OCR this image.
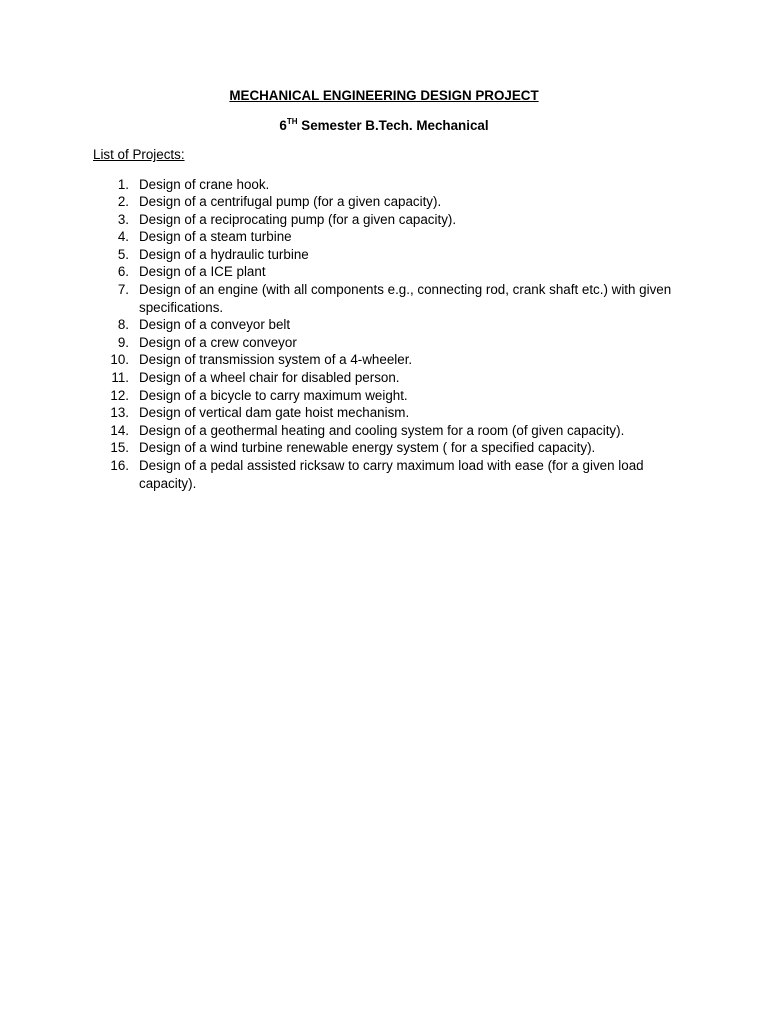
MECHANICAL ENGINEERING DESIGN PROJECT
6TH Semester B.Tech. Mechanical
List of Projects:
1. Design of crane hook.
2. Design of a centrifugal pump (for a given capacity).
3. Design of a reciprocating pump (for a given capacity).
4. Design of a steam turbine
5. Design of a hydraulic turbine
6. Design of a ICE plant
7. Design of an engine (with all components e.g., connecting rod, crank shaft etc.) with given specifications.
8. Design of a conveyor belt
9. Design of a crew conveyor
10. Design of transmission system of a 4-wheeler.
11. Design of a wheel chair for disabled person.
12. Design of a bicycle to carry maximum weight.
13. Design of vertical dam gate hoist mechanism.
14. Design of a geothermal heating and cooling system for a room (of given capacity).
15. Design of a wind turbine renewable energy system ( for a specified capacity).
16. Design of a pedal assisted ricksaw to carry maximum load with ease (for a given load capacity).
